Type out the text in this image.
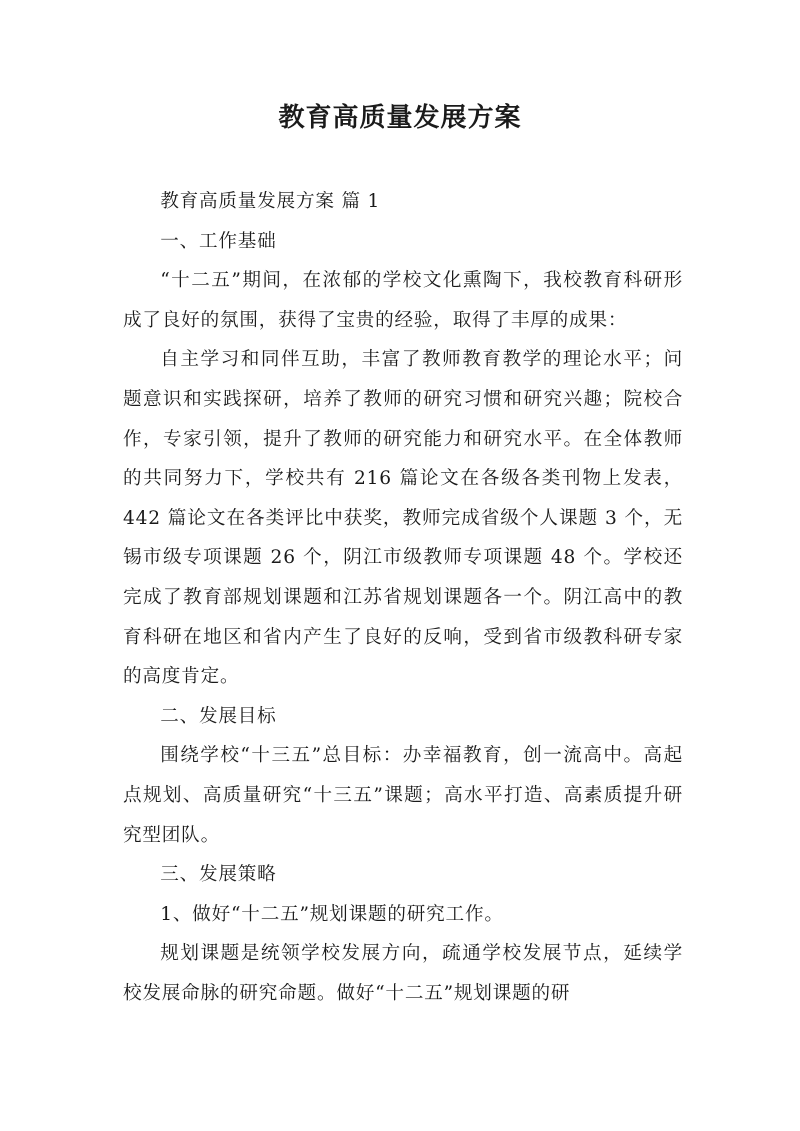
教育高质量发展方案

教育高质量发展方案 篇 1

一、工作基础

“十二五”期间，在浓郁的学校文化熏陶下，我校教育科研形成了良好的氛围，获得了宝贵的经验，取得了丰厚的成果：

自主学习和同伴互助，丰富了教师教育教学的理论水平；问题意识和实践探研，培养了教师的研究习惯和研究兴趣；院校合作，专家引领，提升了教师的研究能力和研究水平。在全体教师的共同努力下，学校共有 216 篇论文在各级各类刊物上发表，442 篇论文在各类评比中获奖，教师完成省级个人课题 3 个，无锡市级专项课题 26 个，阴江市级教师专项课题 48 个。学校还完成了教育部规划课题和江苏省规划课题各一个。阴江高中的教育科研在地区和省内产生了良好的反响，受到省市级教科研专家的高度肯定。

二、发展目标

围绕学校“十三五”总目标：办幸福教育，创一流高中。高起点规划、高质量研究“十三五”课题；高水平打造、高素质提升研究型团队。

三、发展策略

1、做好“十二五”规划课题的研究工作。

规划课题是统领学校发展方向，疏通学校发展节点，延续学校发展命脉的研究命题。做好“十二五”规划课题的研
